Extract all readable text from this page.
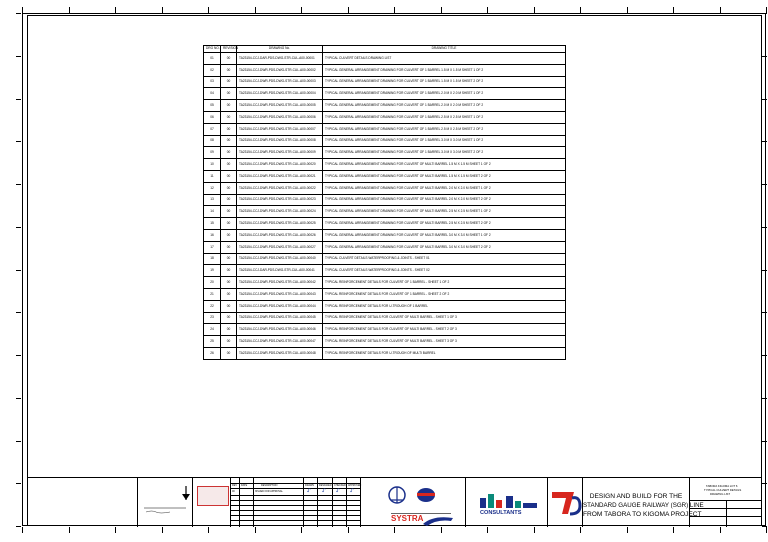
DRG NO.	REVISION	DRAWING No.	DRAWING TITLE
01	00	TA23154-CCJ-DAR-PDS-DWG-STR-CUL-A00-00001	TYPICAL CULVERT DETAILS DRAWING LIST
02	00	TA23154-CCJ-DWR-PDS-DWG-STR-CUL-A00-00002	TYPICAL GENERAL ARRANGEMENT DRAWING FOR CULVERT OF 1 BARREL 1.5 M X 1.5 M SHEET 1 OF 2
03	00	TA23154-CCJ-DWR-PDS-DWG-STR-CUL-A00-00003	TYPICAL GENERAL ARRANGEMENT DRAWING FOR CULVERT OF 1 BARREL 1.5 M X 1.5 M SHEET 2 OF 2
04	00	TA23154-CCJ-DWR-PDS-DWG-STR-CUL-A00-00004	TYPICAL GENERAL ARRANGEMENT DRAWING FOR CULVERT OF 1 BARREL 2.0 M X 2.0 M SHEET 1 OF 2
05	00	TA23154-CCJ-DWR-PDS-DWG-STR-CUL-A00-00005	TYPICAL GENERAL ARRANGEMENT DRAWING FOR CULVERT OF 1 BARREL 2.0 M X 2.0 M SHEET 2 OF 2
06	00	TA23154-CCJ-DWR-PDS-DWG-STR-CUL-A00-00006	TYPICAL GENERAL ARRANGEMENT DRAWING FOR CULVERT OF 1 BARREL 2.5 M X 2.5 M SHEET 1 OF 2
07	00	TA23154-CCJ-DWR-PDS-DWG-STR-CUL-A00-00007	TYPICAL GENERAL ARRANGEMENT DRAWING FOR CULVERT OF 1 BARREL 2.5 M X 2.5 M SHEET 2 OF 2
08	00	TA23154-CCJ-DWR-PDS-DWG-STR-CUL-A00-00008	TYPICAL GENERAL ARRANGEMENT DRAWING FOR CULVERT OF 1 BARREL 3.0 M X 3.0 M SHEET 1 OF 2
09	00	TA23154-CCJ-DWR-PDS-DWG-STR-CUL-A00-00009	TYPICAL GENERAL ARRANGEMENT DRAWING FOR CULVERT OF 1 BARREL 3.0 M X 3.0 M SHEET 2 OF 2
10	00	TA23154-CCJ-DWR-PDS-DWG-STR-CUL-A00-00020	TYPICAL GENERAL ARRANGEMENT DRAWING FOR CULVERT OF MULTI BARREL 1.5 M X 1.5 M SHEET 1 OF 2
11	00	TA23154-CCJ-DWR-PDS-DWG-STR-CUL-A00-00021	TYPICAL GENERAL ARRANGEMENT DRAWING FOR CULVERT OF MULTI BARREL 1.5 M X 1.5 M SHEET 2 OF 2
12	00	TA23154-CCJ-DWR-PDS-DWG-STR-CUL-A00-00022	TYPICAL GENERAL ARRANGEMENT DRAWING FOR CULVERT OF MULTI BARREL 2.0 M X 2.0 M SHEET 1 OF 2
13	00	TA23154-CCJ-DWR-PDS-DWG-STR-CUL-A00-00023	TYPICAL GENERAL ARRANGEMENT DRAWING FOR CULVERT OF MULTI BARREL 2.0 M X 2.0 M SHEET 2 OF 2
14	00	TA23154-CCJ-DWR-PDS-DWG-STR-CUL-A00-00024	TYPICAL GENERAL ARRANGEMENT DRAWING FOR CULVERT OF MULTI BARREL 2.5 M X 2.5 M SHEET 1 OF 2
15	00	TA23154-CCJ-DWR-PDS-DWG-STR-CUL-A00-00025	TYPICAL GENERAL ARRANGEMENT DRAWING FOR CULVERT OF MULTI BARREL 2.5 M X 2.5 M SHEET 2 OF 2
16	00	TA23154-CCJ-DWR-PDS-DWG-STR-CUL-A00-00026	TYPICAL GENERAL ARRANGEMENT DRAWING FOR CULVERT OF MULTI BARREL 3.0 M X 3.0 M SHEET 1 OF 2
17	00	TA23154-CCJ-DWR-PDS-DWG-STR-CUL-A00-00027	TYPICAL GENERAL ARRANGEMENT DRAWING FOR CULVERT OF MULTI BARREL 3.0 M X 3.0 M SHEET 2 OF 2
18	00	TA23154-CCJ-DWR-PDS-DWG-STR-CUL-A00-00040	TYPICAL CULVERT DETAILS WATERPROOFING & JOINTS - SHEET 01
19	00	TA23154-CCJ-DAR-PDS-DWG-STR-CUL-A00-00041	TYPICAL CULVERT DETAILS WATERPROOFING & JOINTS - SHEET 02
20	00	TA23154-CCJ-DWR-PDS-DWG-STR-CUL-A00-00042	TYPICAL REINFORCEMENT DETAILS FOR CULVERT OF 1 BARREL - SHEET 1 OF 2
21	00	TA23154-CCJ-DWR-PDS-DWG-STR-CUL-A00-00043	TYPICAL REINFORCEMENT DETAILS FOR CULVERT OF 1 BARREL - SHEET 2 OF 2
22	00	TA23154-CCJ-DWR-PDS-DWG-STR-CUL-A00-00044	TYPICAL REINFORCEMENT DETAILS FOR U-TROUGH OF 1 BARREL
23	00	TA23154-CCJ-DWR-PDS-DWG-STR-CUL-A00-00045	TYPICAL REINFORCEMENT DETAILS FOR CULVERT OF MULTI BARREL - SHEET 1 OF 3
24	00	TA23154-CCJ-DWR-PDS-DWG-STR-CUL-A00-00046	TYPICAL REINFORCEMENT DETAILS FOR CULVERT OF MULTI BARREL - SHEET 2 OF 3
25	00	TA23154-CCJ-DWR-PDS-DWG-STR-CUL-A00-00047	TYPICAL REINFORCEMENT DETAILS FOR CULVERT OF MULTI BARREL - SHEET 3 OF 3
26	00	TA23154-CCJ-DWR-PDS-DWG-STR-CUL-A00-00048	TYPICAL REINFORCEMENT DETAILS FOR U-TROUGH OF MULTI BARREL
REV DATE	DESCRIPTION	DRAWN DESIGNED CHECKED APPROVED
00	ISSUED FOR APPROVAL	ᔑ ᔑ ᔑ ᔑ
SYSTRA
CONSULTANTS
DESIGN AND BUILD FOR THE
STANDARD GAUGE RAILWAY (SGR) LINE
FROM TABORA TO KIGOMA PROJECT
TABORA KIGOMA LOT 6
TYPICAL CULVERT DETAILS
DRAWING LIST
